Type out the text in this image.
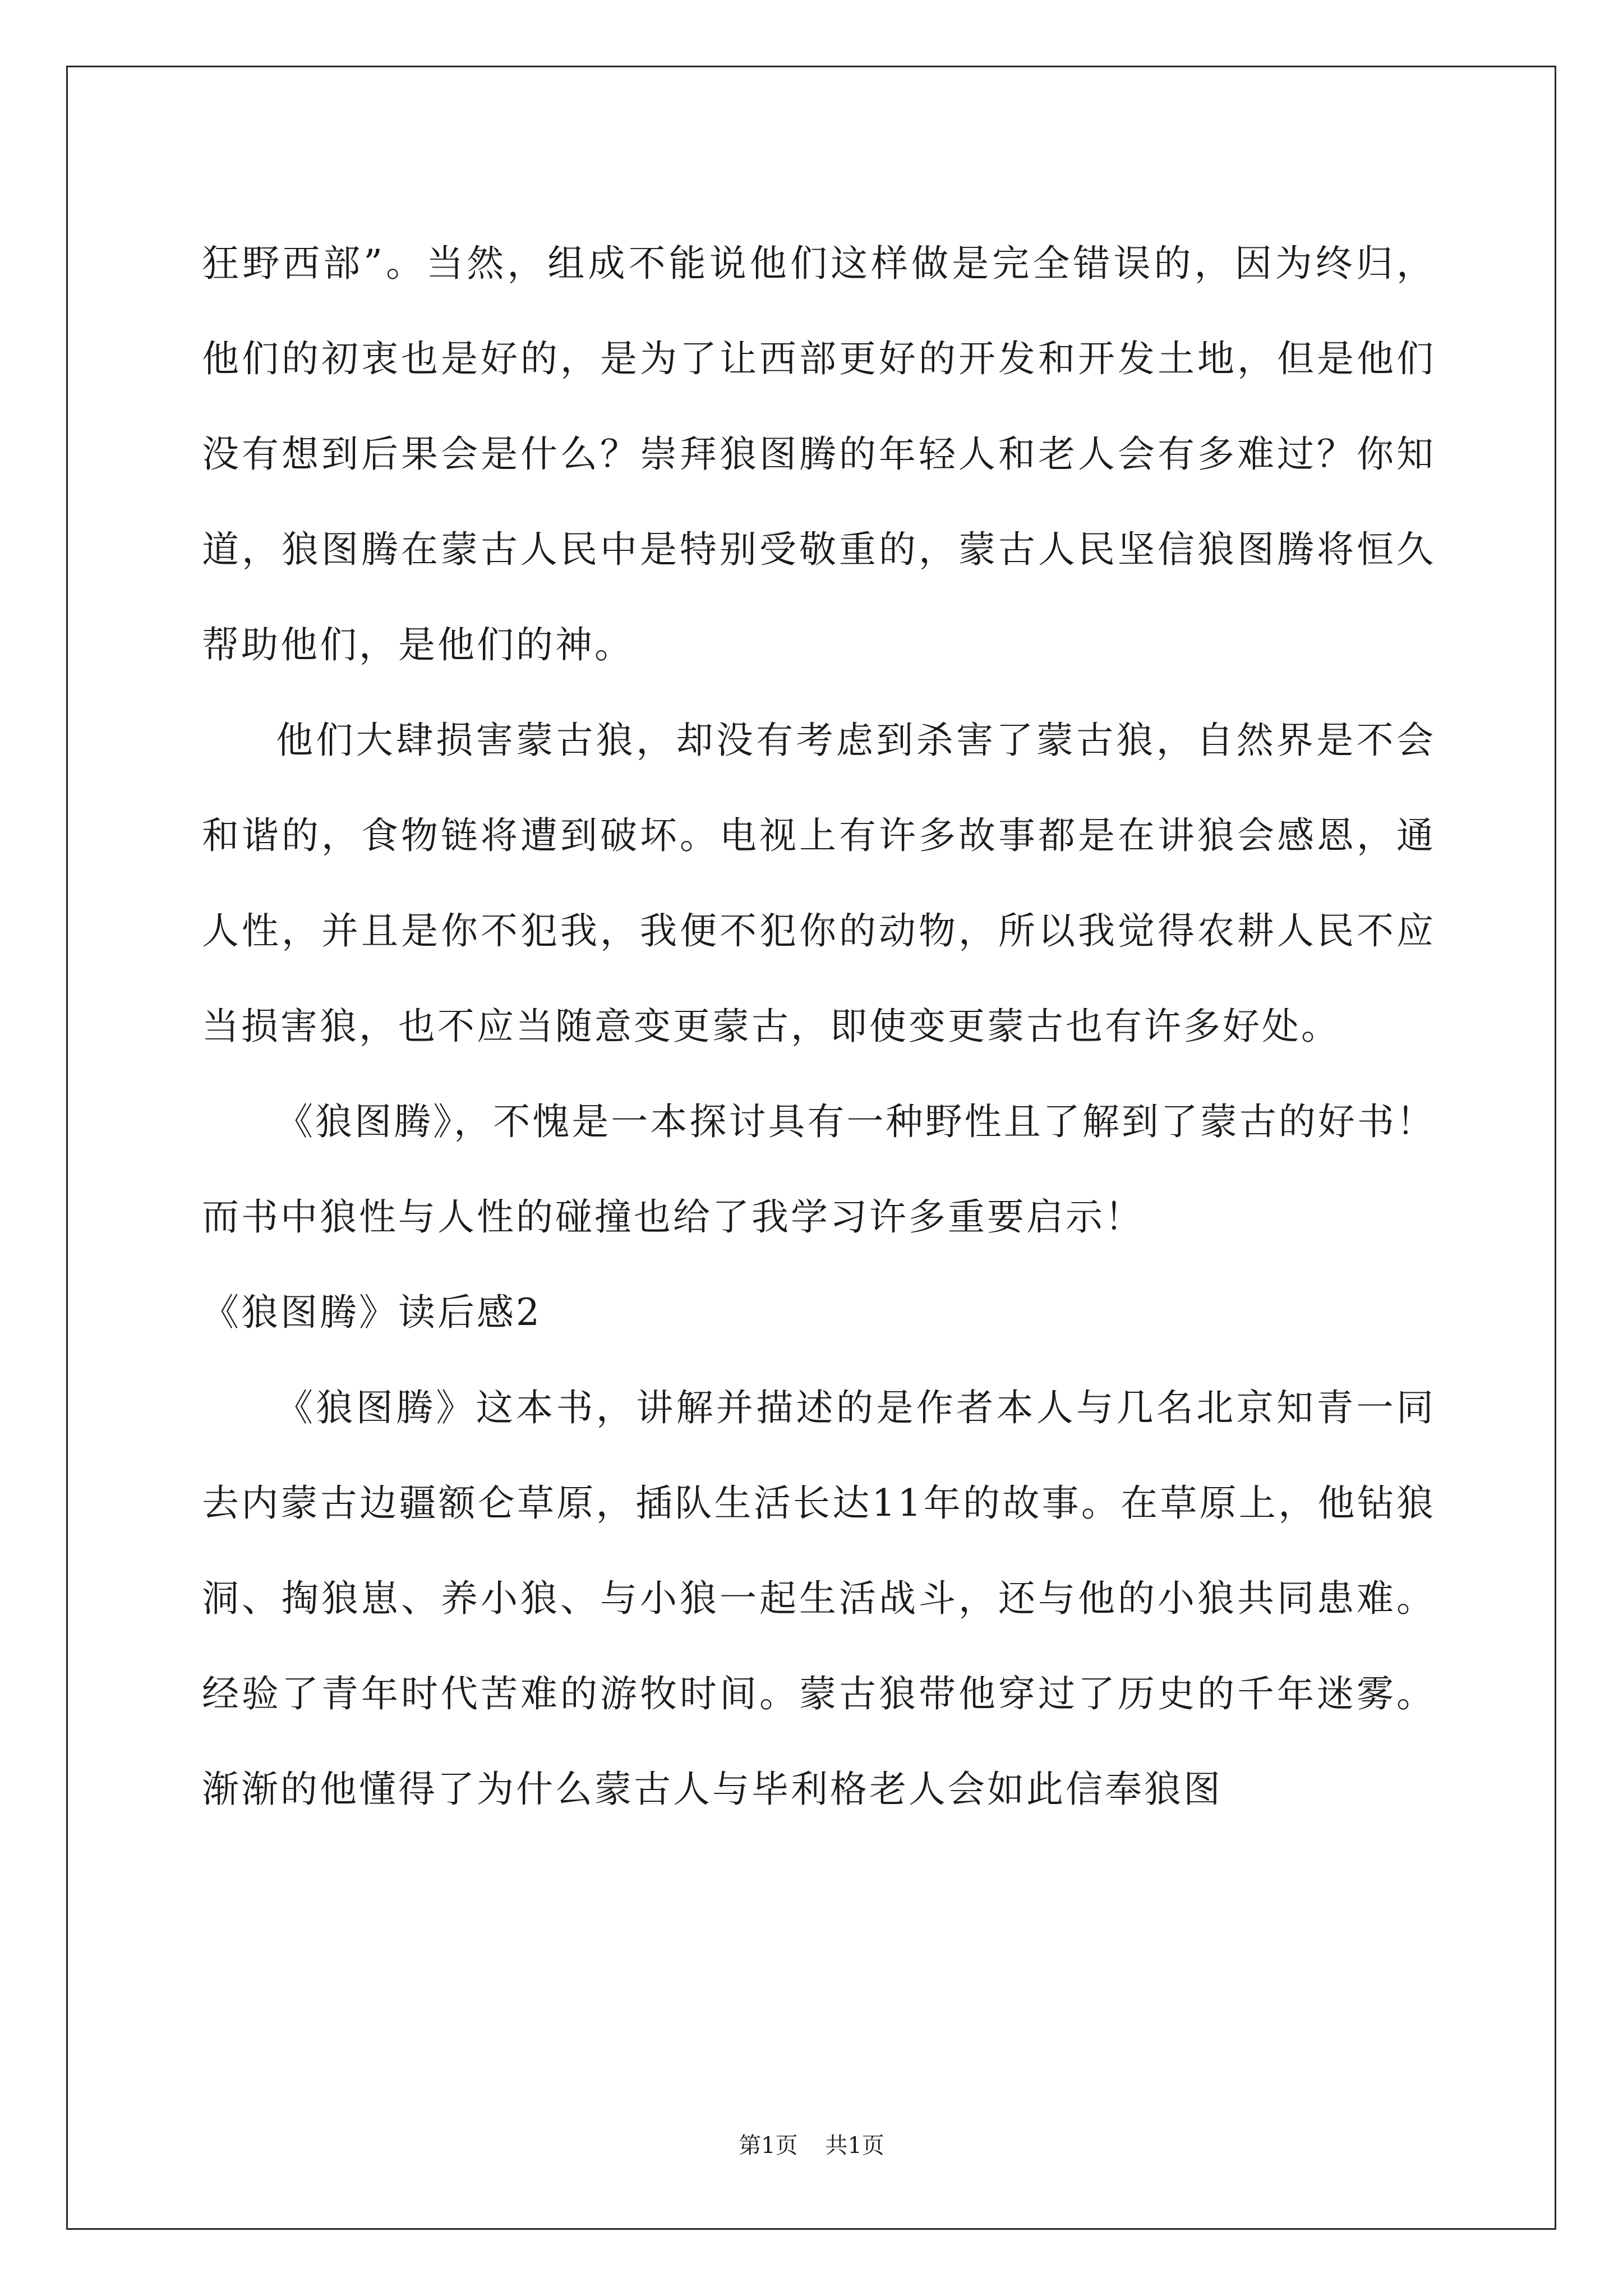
狂野西部”。当然，组成不能说他们这样做是完全错误的，因为终归，他们的初衷也是好的，是为了让西部更好的开发和开发土地，但是他们没有想到后果会是什么？崇拜狼图腾的年轻人和老人会有多难过？你知道，狼图腾在蒙古人民中是特别受敬重的，蒙古人民坚信狼图腾将恒久帮助他们，是他们的神。

他们大肆损害蒙古狼，却没有考虑到杀害了蒙古狼，自然界是不会和谐的，食物链将遭到破坏。电视上有许多故事都是在讲狼会感恩，通人性，并且是你不犯我，我便不犯你的动物，所以我觉得农耕人民不应当损害狼，也不应当随意变更蒙古，即使变更蒙古也有许多好处。

《狼图腾》，不愧是一本探讨具有一种野性且了解到了蒙古的好书！而书中狼性与人性的碰撞也给了我学习许多重要启示！

《狼图腾》读后感2

《狼图腾》这本书，讲解并描述的是作者本人与几名北京知青一同去内蒙古边疆额仑草原，插队生活长达11年的故事。在草原上，他钻狼洞、掏狼崽、养小狼、与小狼一起生活战斗，还与他的小狼共同患难。经验了青年时代苦难的游牧时间。蒙古狼带他穿过了历史的千年迷雾。渐渐的他懂得了为什么蒙古人与毕利格老人会如此信奉狼图

第1页 共1页
